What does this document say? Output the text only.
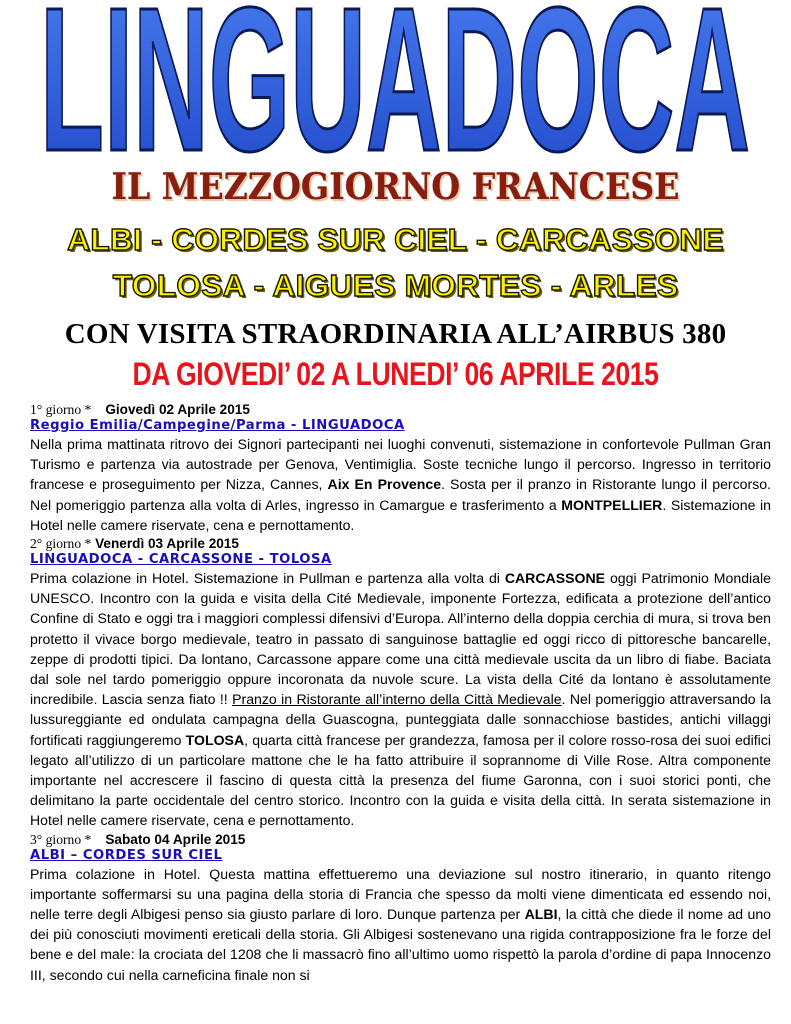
LINGUADOCA
IL MEZZOGIORNO FRANCESE
ALBI - CORDES SUR CIEL - CARCASSONE
TOLOSA - AIGUES MORTES - ARLES
CON VISITA STRAORDINARIA ALL’AIRBUS 380
DA GIOVEDI’ 02 A LUNEDI’ 06 APRILE 2015
1° giorno * Giovedì 02 Aprile 2015
Reggio Emilia/Campegine/Parma - LINGUADOCA

Nella prima mattinata ritrovo dei Signori partecipanti nei luoghi convenuti, sistemazione in confortevole Pullman Gran Turismo e partenza via autostrade per Genova, Ventimiglia. Soste tecniche lungo il percorso. Ingresso in territorio francese e proseguimento per Nizza, Cannes, Aix En Provence. Sosta per il pranzo in Ristorante lungo il percorso. Nel pomeriggio partenza alla volta di Arles, ingresso in Camargue e trasferimento a MONTPELLIER. Sistemazione in Hotel nelle camere riservate, cena e pernottamento.

2° giorno * Venerdì 03 Aprile 2015
LINGUADOCA - CARCASSONE - TOLOSA

Prima colazione in Hotel. Sistemazione in Pullman e partenza alla volta di CARCASSONE oggi Patrimonio Mondiale UNESCO. Incontro con la guida e visita della Cité Medievale, imponente Fortezza, edificata a protezione dell’antico Confine di Stato e oggi tra i maggiori complessi difensivi d’Europa. All’interno della doppia cerchia di mura, si trova ben protetto il vivace borgo medievale, teatro in passato di sanguinose battaglie ed oggi ricco di pittoresche bancarelle, zeppe di prodotti tipici. Da lontano, Carcassone appare come una città medievale uscita da un libro di fiabe. Baciata dal sole nel tardo pomeriggio oppure incoronata da nuvole scure. La vista della Cité da lontano è assolutamente incredibile. Lascia senza fiato !! Pranzo in Ristorante all’interno della Città Medievale. Nel pomeriggio attraversando la lussureggiante ed ondulata campagna della Guascogna, punteggiata dalle sonnacchiose bastides, antichi villaggi fortificati raggiungeremo TOLOSA, quarta città francese per grandezza, famosa per il colore rosso-rosa dei suoi edifici legato all’utilizzo di un particolare mattone che le ha fatto attribuire il soprannome di Ville Rose. Altra componente importante nel accrescere il fascino di questa città la presenza del fiume Garonna, con i suoi storici ponti, che delimitano la parte occidentale del centro storico. Incontro con la guida e visita della città. In serata sistemazione in Hotel nelle camere riservate, cena e pernottamento.

3° giorno * Sabato 04 Aprile 2015
ALBI – CORDES SUR CIEL

Prima colazione in Hotel. Questa mattina effettueremo una deviazione sul nostro itinerario, in quanto ritengo importante soffermarsi su una pagina della storia di Francia che spesso da molti viene dimenticata ed essendo noi, nelle terre degli Albigesi penso sia giusto parlare di loro. Dunque partenza per ALBI, la città che diede il nome ad uno dei più conosciuti movimenti ereticali della storia. Gli Albigesi sostenevano una rigida contrapposizione fra le forze del bene e del male: la crociata del 1208 che li massacrò fino all’ultimo uomo rispettò la parola d’ordine di papa Innocenzo III, secondo cui nella carneficina finale non si
